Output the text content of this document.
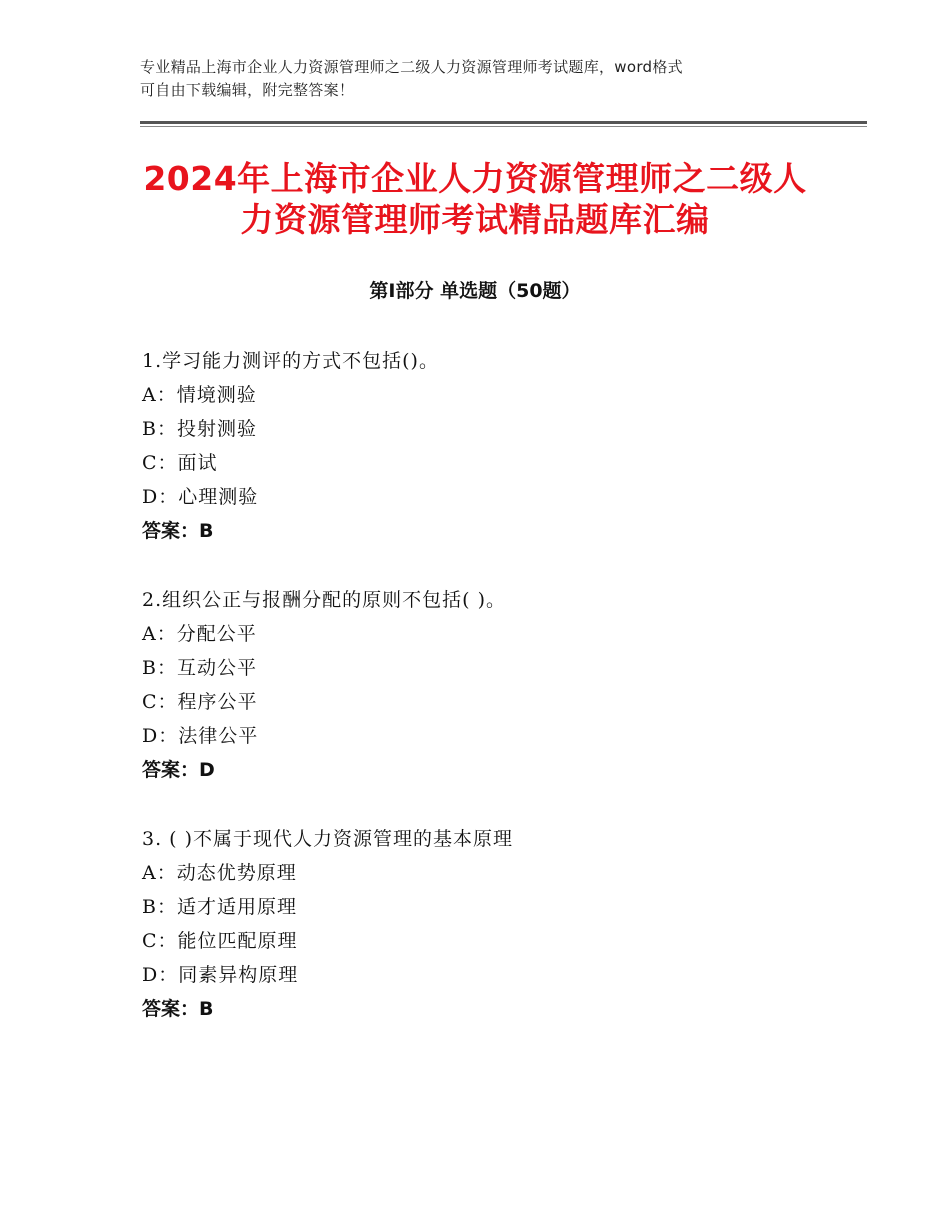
专业精品上海市企业人力资源管理师之二级人力资源管理师考试题库，word格式
可自由下载编辑，附完整答案！
2024年上海市企业人力资源管理师之二级人
力资源管理师考试精品题库汇编
第Ⅰ部分 单选题（50题）
1.学习能力测评的方式不包括()。
A：情境测验
B：投射测验
C：面试
D：心理测验
答案：B
2.组织公正与报酬分配的原则不包括( )。
A：分配公平
B：互动公平
C：程序公平
D：法律公平
答案：D
3. ( )不属于现代人力资源管理的基本原理
A：动态优势原理
B：适才适用原理
C：能位匹配原理
D：同素异构原理
答案：B
